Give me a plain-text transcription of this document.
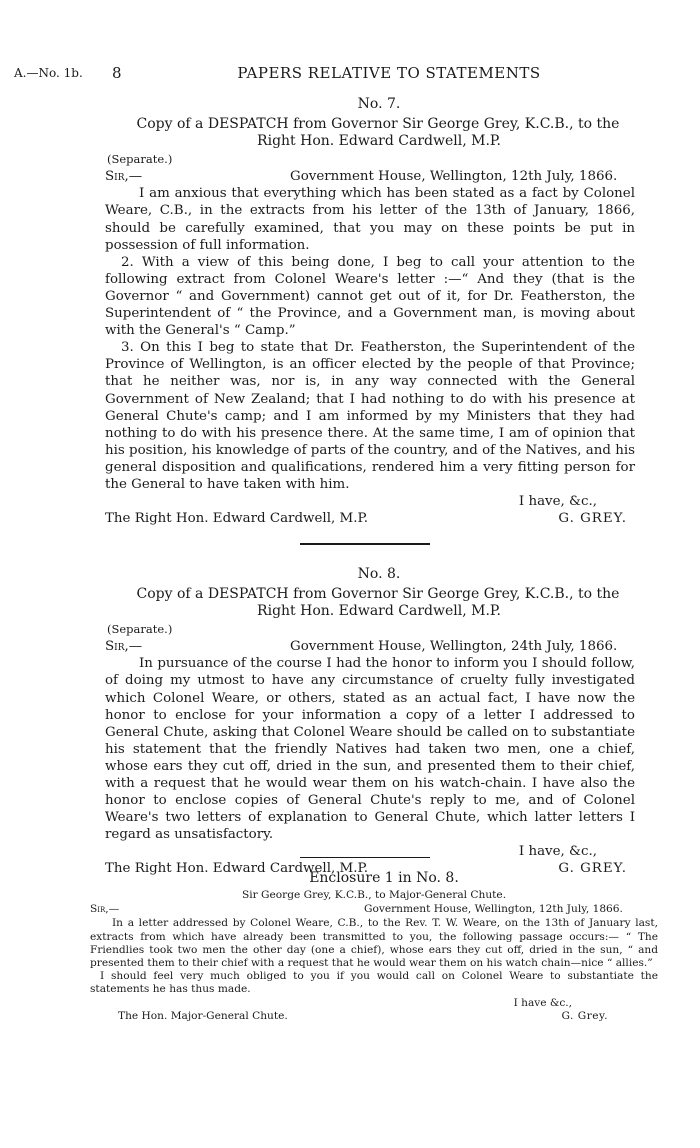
A.—No. 1b. 8	PAPERS RELATIVE TO STATEMENTS
No. 7.
Copy of a DESPATCH from Governor Sir George Grey, K.C.B., to the
Right Hon. Edward Cardwell, M.P.
(Separate.)
Sir,—	Government House, Wellington, 12th July, 1866.

I am anxious that everything which has been stated as a fact by Colonel Weare, C.B., in the extracts from his letter of the 13th of January, 1866, should be carefully examined, that you may on these points be put in possession of full information.

2. With a view of this being done, I beg to call your attention to the following extract from Colonel Weare's letter :—“ And they (that is the Governor “ and Government) cannot get out of it, for Dr. Featherston, the Superintendent of “ the Province, and a Government man, is moving about with the General's “ Camp.”

3. On this I beg to state that Dr. Featherston, the Superintendent of the Province of Wellington, is an officer elected by the people of that Province; that he neither was, nor is, in any way connected with the General Government of New Zealand; that I had nothing to do with his presence at General Chute's camp; and I am informed by my Ministers that they had nothing to do with his presence there. At the same time, I am of opinion that his position, his knowledge of parts of the country, and of the Natives, and his general disposition and qualifications, rendered him a very fitting person for the General to have taken with him.

I have, &c.,
The Right Hon. Edward Cardwell, M.P.	G. GREY.
No. 8.
Copy of a DESPATCH from Governor Sir George Grey, K.C.B., to the
Right Hon. Edward Cardwell, M.P.
(Separate.)
Sir,—	Government House, Wellington, 24th July, 1866.

In pursuance of the course I had the honor to inform you I should follow, of doing my utmost to have any circumstance of cruelty fully investigated which Colonel Weare, or others, stated as an actual fact, I have now the honor to enclose for your information a copy of a letter I addressed to General Chute, asking that Colonel Weare should be called on to substantiate his statement that the friendly Natives had taken two men, one a chief, whose ears they cut off, dried in the sun, and presented them to their chief, with a request that he would wear them on his watch-chain. I have also the honor to enclose copies of General Chute's reply to me, and of Colonel Weare's two letters of explanation to General Chute, which latter letters I regard as unsatisfactory.

I have, &c.,
The Right Hon. Edward Cardwell, M.P.	G. GREY.
Enclosure 1 in No. 8.
Sir George Grey, K.C.B., to Major-General Chute.
Sir,—	Government House, Wellington, 12th July, 1866.

In a letter addressed by Colonel Weare, C.B., to the Rev. T. W. Weare, on the 13th of January last, extracts from which have already been transmitted to you, the following passage occurs:— “ The Friendlies took two men the other day (one a chief), whose ears they cut off, dried in the sun, “ and presented them to their chief with a request that he would wear them on his watch chain—nice “ allies.”

I should feel very much obliged to you if you would call on Colonel Weare to substantiate the statements he has thus made.

I have &c.,
The Hon. Major-General Chute.	G. Grey.
